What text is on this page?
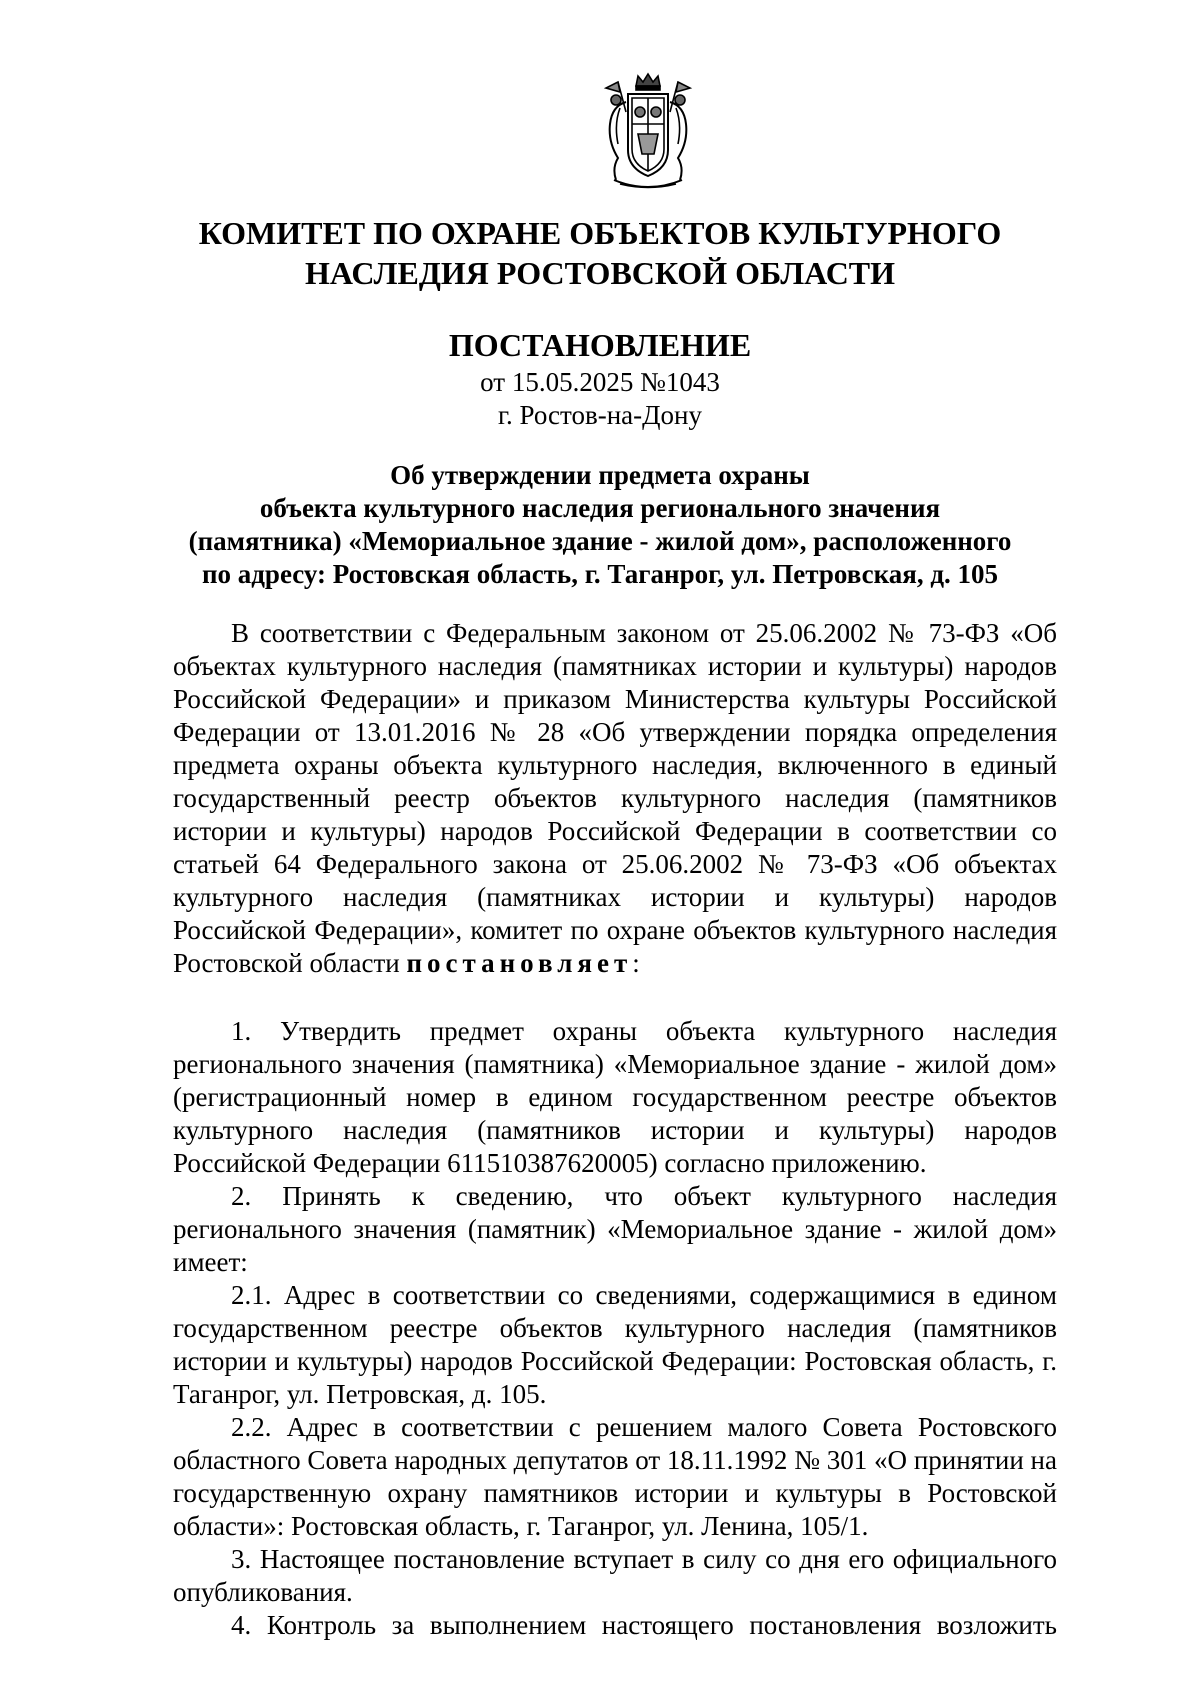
КОМИТЕТ ПО ОХРАНЕ ОБЪЕКТОВ КУЛЬТУРНОГО
НАСЛЕДИЯ РОСТОВСКОЙ ОБЛАСТИ
ПОСТАНОВЛЕНИЕ
от 15.05.2025 №1043
г. Ростов-на-Дону
Об утверждении предмета охраны
объекта культурного наследия регионального значения
(памятника) «Мемориальное здание - жилой дом», расположенного
по адресу: Ростовская область, г. Таганрог, ул. Петровская, д. 105

В соответствии с Федеральным законом от 25.06.2002 № 73-ФЗ «Об объектах культурного наследия (памятниках истории и культуры) народов Российской Федерации» и приказом Министерства культуры Российской Федерации от 13.01.2016 № 28 «Об утверждении порядка определения предмета охраны объекта культурного наследия, включенного в единый государственный реестр объектов культурного наследия (памятников истории и культуры) народов Российской Федерации в соответствии со статьей 64 Федерального закона от 25.06.2002 № 73-ФЗ «Об объектах культурного наследия (памятниках истории и культуры) народов Российской Федерации», комитет по охране объектов культурного наследия Ростовской области постановляет:

1. Утвердить предмет охраны объекта культурного наследия регионального значения (памятника) «Мемориальное здание - жилой дом» (регистрационный номер в едином государственном реестре объектов культурного наследия (памятников истории и культуры) народов Российской Федерации 611510387620005) согласно приложению.

2. Принять к сведению, что объект культурного наследия регионального значения (памятник) «Мемориальное здание - жилой дом» имеет:

2.1. Адрес в соответствии со сведениями, содержащимися в едином государственном реестре объектов культурного наследия (памятников истории и культуры) народов Российской Федерации: Ростовская область, г. Таганрог, ул. Петровская, д. 105.

2.2. Адрес в соответствии с решением малого Совета Ростовского областного Совета народных депутатов от 18.11.1992 № 301 «О принятии на государственную охрану памятников истории и культуры в Ростовской области»: Ростовская область, г. Таганрог, ул. Ленина, 105/1.

3. Настоящее постановление вступает в силу со дня его официального опубликования.

4. Контроль за выполнением настоящего постановления возложить
